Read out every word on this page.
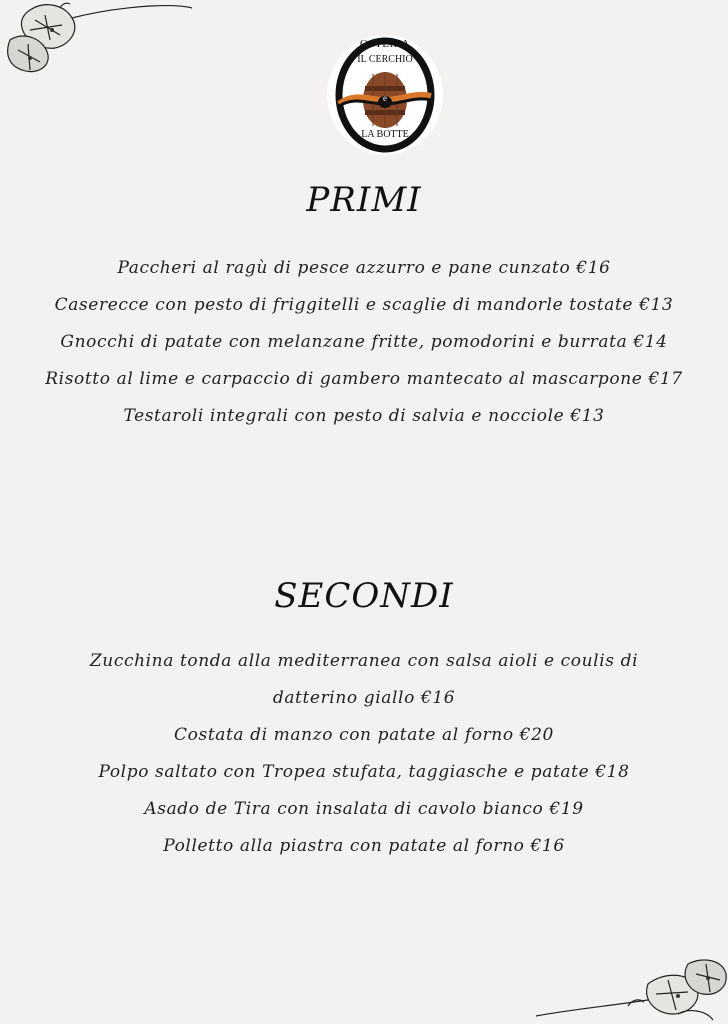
OSTERIA
IL CERCHIO
e
LA BOTTE
PRIMI
Paccheri al ragù di pesce azzurro e pane cunzato €16
Caserecce con pesto di friggitelli e scaglie di mandorle tostate €13
Gnocchi di patate con melanzane fritte, pomodorini e burrata €14
Risotto al lime e carpaccio di gambero mantecato al mascarpone €17
Testaroli integrali con pesto di salvia e nocciole €13
SECONDI
Zucchina tonda alla mediterranea con salsa aioli e coulis di datterino giallo €16
Costata di manzo con patate al forno €20
Polpo saltato con Tropea stufata, taggiasche e patate €18
Asado de Tira con insalata di cavolo bianco €19
Polletto alla piastra con patate al forno €16
